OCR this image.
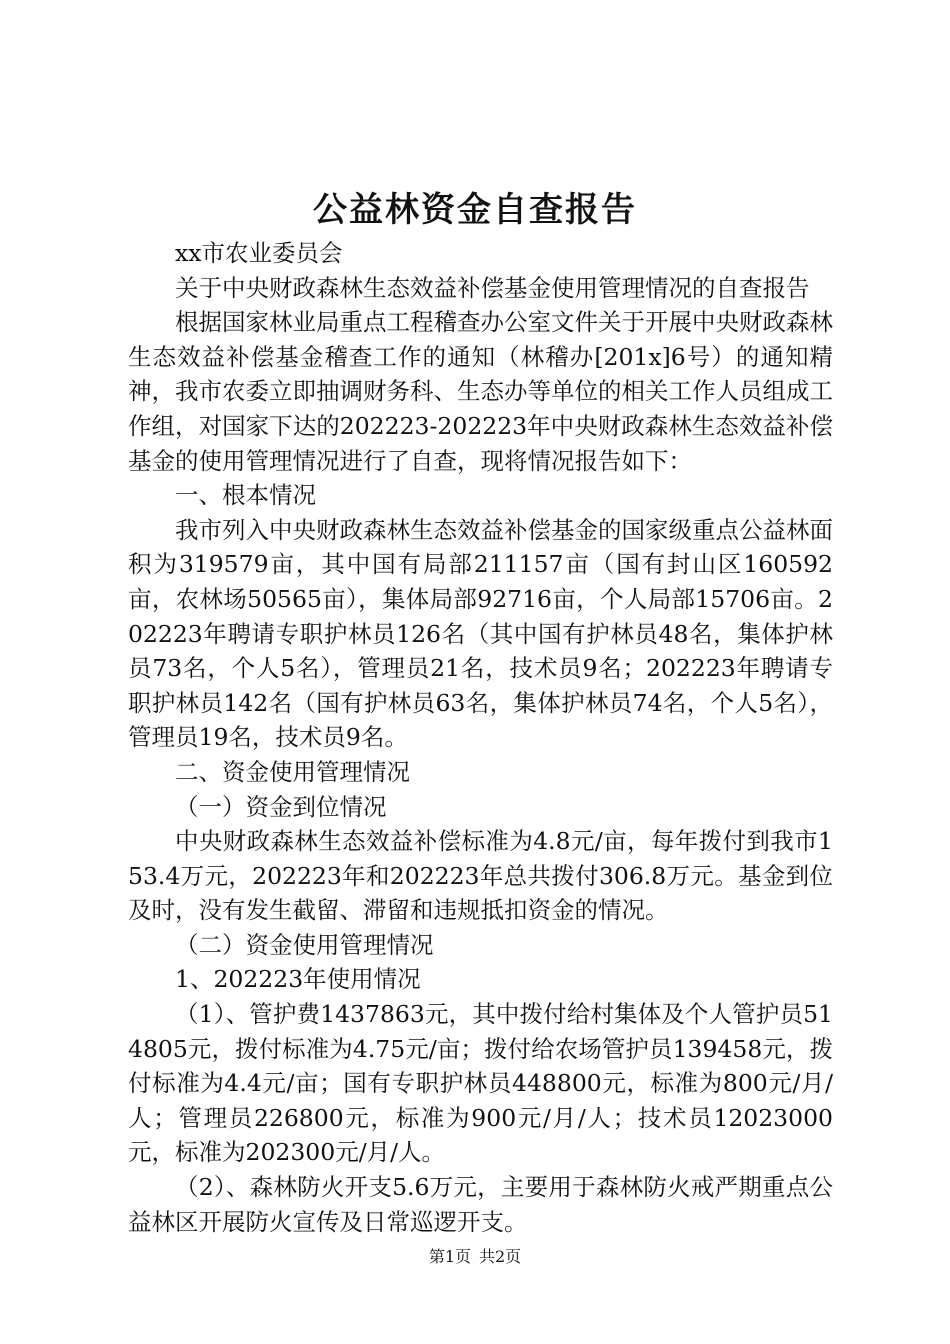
公益林资金自查报告

xx市农业委员会

关于中央财政森林生态效益补偿基金使用管理情况的自查报告

根据国家林业局重点工程稽查办公室文件关于开展中央财政森林生态效益补偿基金稽查工作的通知（林稽办[201x]6号）的通知精神，我市农委立即抽调财务科、生态办等单位的相关工作人员组成工作组，对国家下达的202223-202223年中央财政森林生态效益补偿基金的使用管理情况进行了自查，现将情况报告如下：

一、根本情况

我市列入中央财政森林生态效益补偿基金的国家级重点公益林面积为319579亩，其中国有局部211157亩（国有封山区160592亩，农林场50565亩），集体局部92716亩，个人局部15706亩。202223年聘请专职护林员126名（其中国有护林员48名，集体护林员73名，个人5名），管理员21名，技术员9名；202223年聘请专职护林员142名（国有护林员63名，集体护林员74名，个人5名），管理员19名，技术员9名。

二、资金使用管理情况

（一）资金到位情况

中央财政森林生态效益补偿标准为4.8元/亩，每年拨付到我市153.4万元，202223年和202223年总共拨付306.8万元。基金到位及时，没有发生截留、滞留和违规抵扣资金的情况。

（二）资金使用管理情况

1、202223年使用情况

（1）、管护费1437863元，其中拨付给村集体及个人管护员514805元，拨付标准为4.75元/亩；拨付给农场管护员139458元，拨付标准为4.4元/亩；国有专职护林员448800元，标准为800元/月/人；管理员226800元，标准为900元/月/人；技术员12023000元，标准为202300元/月/人。

（2）、森林防火开支5.6万元，主要用于森林防火戒严期重点公益林区开展防火宣传及日常巡逻开支。

第1页 共2页
